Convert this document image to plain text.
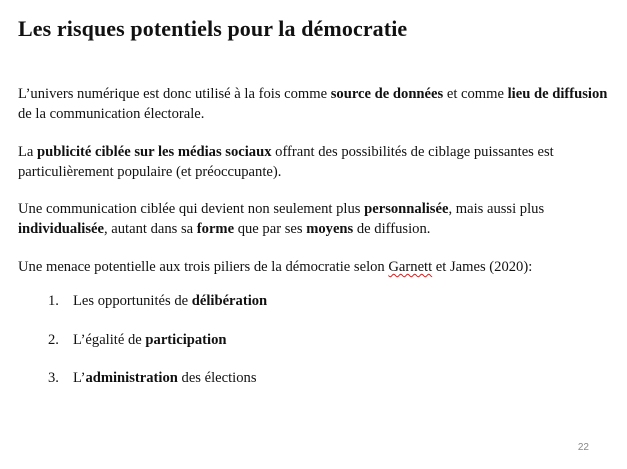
Les risques potentiels pour la démocratie
L’univers numérique est donc utilisé à la fois comme source de données et comme lieu de diffusion de la communication électorale.
La publicité ciblée sur les médias sociaux offrant des possibilités de ciblage puissantes est particulièrement populaire (et préoccupante).
Une communication ciblée qui devient non seulement plus personnalisée, mais aussi plus individualisée, autant dans sa forme que par ses moyens de diffusion.
Une menace potentielle aux trois piliers de la démocratie selon Garnett et James (2020):
1. Les opportunités de délibération
2. L’égalité de participation
3. L’administration des élections
22
